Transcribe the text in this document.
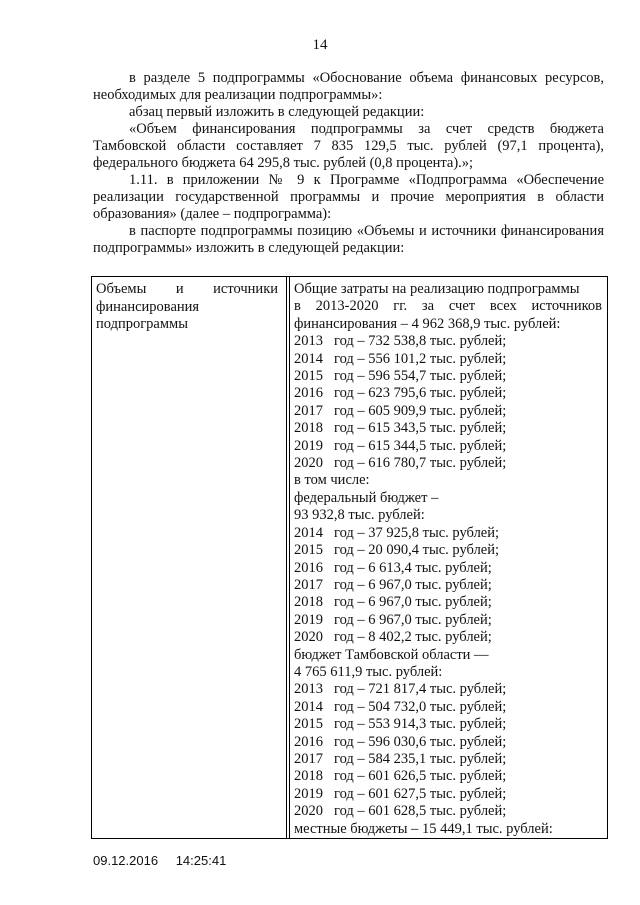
14

в разделе 5 подпрограммы «Обоснование объема финансовых ресурсов, необходимых для реализации подпрограммы»:

абзац первый изложить в следующей редакции:

«Объем финансирования подпрограммы за счет средств бюджета Тамбовской области составляет 7 835 129,5 тыс. рублей (97,1 процента), федерального бюджета 64 295,8 тыс. рублей (0,8 процента).»;

1.11. в приложении № 9 к Программе «Подпрограмма «Обеспечение реализации государственной программы и прочие мероприятия в области образования» (далее – подпрограмма):

в паспорте подпрограммы позицию «Объемы и источники финансирования подпрограммы» изложить в следующей редакции:

Объемы и источники
финансирования
подпрограммы
Общие затраты на реализацию подпрограммы
в 2013-2020 гг. за счет всех источников
финансирования – 4 962 368,9 тыс. рублей:
2013 год – 732 538,8 тыс. рублей;
2014 год – 556 101,2 тыс. рублей;
2015 год – 596 554,7 тыс. рублей;
2016 год – 623 795,6 тыс. рублей;
2017 год – 605 909,9 тыс. рублей;
2018 год – 615 343,5 тыс. рублей;
2019 год – 615 344,5 тыс. рублей;
2020 год – 616 780,7 тыс. рублей;
в том числе:
федеральный бюджет –
93 932,8 тыс. рублей:
2014 год – 37 925,8 тыс. рублей;
2015 год – 20 090,4 тыс. рублей;
2016 год – 6 613,4 тыс. рублей;
2017 год – 6 967,0 тыс. рублей;
2018 год – 6 967,0 тыс. рублей;
2019 год – 6 967,0 тыс. рублей;
2020 год – 8 402,2 тыс. рублей;
бюджет Тамбовской области —
4 765 611,9 тыс. рублей:
2013 год – 721 817,4 тыс. рублей;
2014 год – 504 732,0 тыс. рублей;
2015 год – 553 914,3 тыс. рублей;
2016 год – 596 030,6 тыс. рублей;
2017 год – 584 235,1 тыс. рублей;
2018 год – 601 626,5 тыс. рублей;
2019 год – 601 627,5 тыс. рублей;
2020 год – 601 628,5 тыс. рублей;
местные бюджеты – 15 449,1 тыс. рублей:
09.12.2016 14:25:41
